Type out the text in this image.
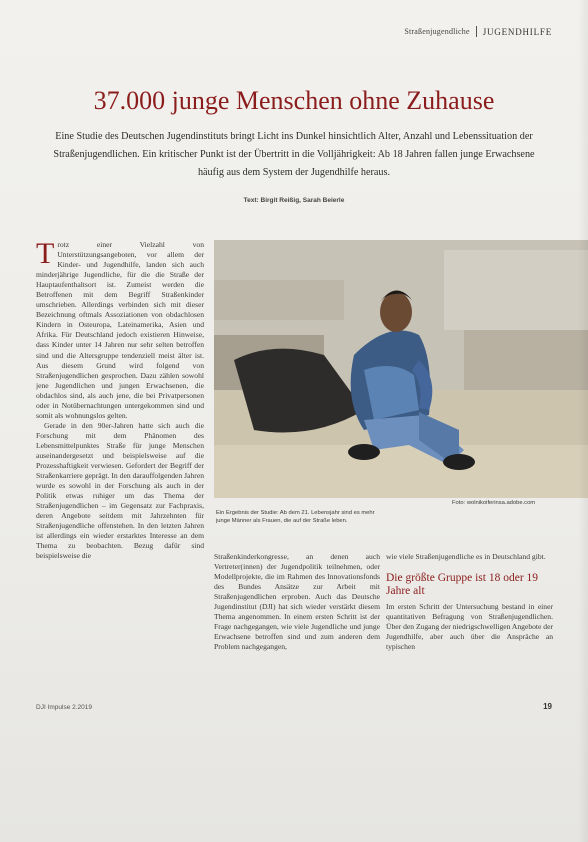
Straßenjugendliche JUGENDHILFE
37.000 junge Menschen ohne Zuhause
Eine Studie des Deutschen Jugendinstituts bringt Licht ins Dunkel hinsichtlich Alter, Anzahl und Lebenssituation der Straßenjugendlichen. Ein kritischer Punkt ist der Übertritt in die Volljährigkeit: Ab 18 Jahren fallen junge Erwachsene häufig aus dem System der Jugendhilfe heraus.
Text: Birgit Reißig, Sarah Beierle

T rotz einer Vielzahl von Unterstützungsangeboten, vor allem der Kinder- und Jugendhilfe, landen sich auch minderjährige Jugendliche, für die die Straße der Hauptaufenthaltsort ist. Zumeist werden die Betroffenen mit dem Begriff Straßenkinder umschrieben. Allerdings verbinden sich mit dieser Bezeichnung oftmals Assoziationen von obdachlosen Kindern in Osteuropa, Lateinamerika, Asien und Afrika. Für Deutschland jedoch existieren Hinweise, dass Kinder unter 14 Jahren nur sehr selten betroffen sind und die Altersgruppe tendenziell meist älter ist. Aus diesem Grund wird folgend von Straßenjugendlichen gesprochen. Dazu zählen sowohl jene Jugendlichen und jungen Erwachsenen, die obdachlos sind, als auch jene, die bei Privatpersonen oder in Notübernachtungen untergekommen sind und somit als wohnungslos gelten.

Gerade in den 90er-Jahren hatte sich auch die Forschung mit dem Phänomen des Lebensmittelpunktes Straße für junge Menschen auseinandergesetzt und beispielsweise auf die Prozesshaftigkeit verwiesen. Gefordert der Begriff der Straßenkarriere geprägt. In den darauffolgenden Jahren wurde es sowohl in der Forschung als auch in der Politik etwas ruhiger um das Thema der Straßenjugendlichen – im Gegensatz zur Fachpraxis, deren Angebote seitdem mit Jahrzehnten für Straßenjugendliche offenstehen. In den letzten Jahren ist allerdings ein wieder erstarktes Interesse an dem Thema zu beobachten. Bezug dafür sind beispielsweise die

Ein Ergebnis der Studie: Ab dem 21. Lebensjahr sind es mehr
junge Männer als Frauen, die auf der Straße leben.
Foto: wolnikoiferinsa.adobe.com

Straßenkinderkongresse, an denen auch Vertreter(innen) der Jugendpolitik teilnehmen, oder Modellprojekte, die im Rahmen des Innovationsfonds des Bundes Ansätze zur Arbeit mit Straßenjugendlichen erproben. Auch das Deutsche Jugendinstitut (DJI) hat sich wieder verstärkt diesem Thema angenommen. In einem ersten Schritt ist der Frage nachgegangen, wie viele Jugendliche und junge Erwachsene betroffen sind und zum anderen dem Problem nachgegangen,

wie viele Straßenjugendliche es in Deutschland gibt.

Die größte Gruppe ist 18 oder 19 Jahre alt

Im ersten Schritt der Untersuchung bestand in einer quantitativen Befragung von Straßenjugendlichen. Über den Zugang der niedrigschwelligen Angebote der Jugendhilfe, aber auch über die Anspräche an typischen

DJI Impulse 2.2019	19
